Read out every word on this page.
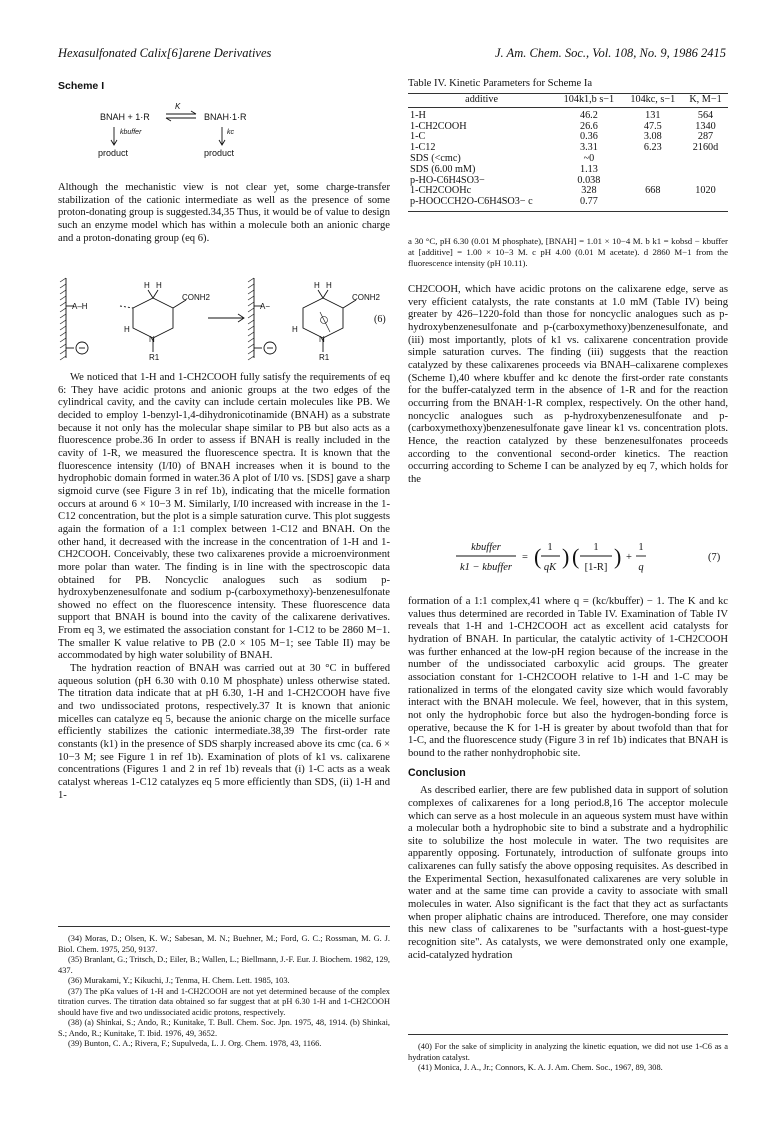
Hexasulfonated Calix[6]arene Derivatives	J. Am. Chem. Soc., Vol. 108, No. 9, 1986 2415
Scheme I
BNAH + 1·R
K
⇌ BNAH·1·R
kbuffer	kc
product	product

Although the mechanistic view is not clear yet, some charge-transfer stabilization of the cationic intermediate as well as the presence of some proton-donating group is suggested.34,35 Thus, it would be of value to design such an enzyme model which has within a molecule both an anionic charge and a proton-donating group (eq 6).

A–H
H H
CONH2
H
N
R1
A−
H H
CONH2
H
N
R1
(6)

We noticed that 1-H and 1-CH2COOH fully satisfy the requirements of eq 6: They have acidic protons and anionic groups at the two edges of the cylindrical cavity, and the cavity can include certain molecules like PB. We decided to employ 1-benzyl-1,4-dihydronicotinamide (BNAH) as a substrate because it not only has the molecular shape similar to PB but also acts as a fluorescence probe.36 In order to assess if BNAH is really included in the cavity of 1-R, we measured the fluorescence spectra. It is known that the fluorescence intensity (I/I0) of BNAH increases when it is bound to the hydrophobic domain formed in water.36 A plot of I/I0 vs. [SDS] gave a sharp sigmoid curve (see Figure 3 in ref 1b), indicating that the micelle formation occurs at around 6 × 10−3 M. Similarly, I/I0 increased with increase in the 1-C12 concentration, but the plot is a simple saturation curve. This plot suggests again the formation of a 1:1 complex between 1-C12 and BNAH. On the other hand, it decreased with the increase in the concentration of 1-H and 1-CH2COOH. Conceivably, these two calixarenes provide a microenvironment more polar than water. The finding is in line with the spectroscopic data obtained for PB. Noncyclic analogues such as sodium p-hydroxybenzenesulfonate and sodium p-(carboxymethoxy)-benzenesulfonate showed no effect on the fluorescence intensity. These fluorescence data support that BNAH is bound into the cavity of the calixarene derivatives. From eq 3, we estimated the association constant for 1-C12 to be 2860 M−1. The smaller K value relative to PB (2.0 × 105 M−1; see Table II) may be accommodated by high water solubility of BNAH.

The hydration reaction of BNAH was carried out at 30 °C in buffered aqueous solution (pH 6.30 with 0.10 M phosphate) unless otherwise stated. The titration data indicate that at pH 6.30, 1-H and 1-CH2COOH have five and two undissociated protons, respectively.37 It is known that anionic micelles can catalyze eq 5, because the anionic charge on the micelle surface efficiently stabilizes the cationic intermediate.38,39 The first-order rate constants (k1) in the presence of SDS sharply increased above its cmc (ca. 6 × 10−3 M; see Figure 1 in ref 1b). Examination of plots of k1 vs. calixarene concentrations (Figures 1 and 2 in ref 1b) reveals that (i) 1-C acts as a weak catalyst whereas 1-C12 catalyzes eq 5 more efficiently than SDS, (ii) 1-H and 1-

(34) Moras, D.; Olsen, K. W.; Sabesan, M. N.; Buehner, M.; Ford, G. C.; Rossman, M. G. J. Biol. Chem. 1975, 250, 9137.
(35) Branlant, G.; Tritsch, D.; Eiler, B.; Wallen, L.; Biellmann, J.-F. Eur. J. Biochem. 1982, 129, 437.
(36) Murakami, Y.; Kikuchi, J.; Tenma, H. Chem. Lett. 1985, 103.
(37) The pKa values of 1-H and 1-CH2COOH are not yet determined because of the complex titration curves. The titration data obtained so far suggest that at pH 6.30 1-H and 1-CH2COOH should have five and two undissociated acidic protons, respectively.
(38) (a) Shinkai, S.; Ando, R.; Kunitake, T. Bull. Chem. Soc. Jpn. 1975, 48, 1914. (b) Shinkai, S.; Ando, R.; Kunitake, T. Ibid. 1976, 49, 3652.
(39) Bunton, C. A.; Rivera, F.; Supulveda, L. J. Org. Chem. 1978, 43, 1166.
Table IV. Kinetic Parameters for Scheme Ia
additive	104k1,b s−1	104kc, s−1	K, M−1
1-H	46.2	131	564
1-CH2COOH	26.6	47.5	1340
1-C	0.36	3.08	287
1-C12	3.31	6.23	2160d
SDS (<cmc)	~0		
SDS (6.00 mM)	1.13		
p-HO-C6H4SO3−	0.038		
1-CH2COOHc	328	668	1020
p-HOOCCH2O-C6H4SO3− c	0.77		
a 30 °C, pH 6.30 (0.01 M phosphate), [BNAH] = 1.01 × 10−4 M. b k1 = kobsd − kbuffer at [additive] = 1.00 × 10−3 M. c pH 4.00 (0.01 M acetate). d 2860 M−1 from the fluorescence intensity (pH 10.11).

CH2COOH, which have acidic protons on the calixarene edge, serve as very efficient catalysts, the rate constants at 1.0 mM (Table IV) being greater by 426–1220-fold than those for noncyclic analogues such as p-hydroxybenzenesulfonate and p-(carboxymethoxy)benzenesulfonate, and (iii) most importantly, plots of k1 vs. calixarene concentration provide simple saturation curves. The finding (iii) suggests that the reaction catalyzed by these calixarenes proceeds via BNAH–calixarene complexes (Scheme I),40 where kbuffer and kc denote the first-order rate constants for the buffer-catalyzed term in the absence of 1-R and for the reaction occurring from the BNAH·1-R complex, respectively. On the other hand, noncyclic analogues such as p-hydroxybenzenesulfonate and p-(carboxymethoxy)benzenesulfonate gave linear k1 vs. concentration plots. Hence, the reaction catalyzed by these benzenesulfonates proceeds according to the conventional second-order kinetics. The reaction occurring according to Scheme I can be analyzed by eq 7, which holds for the

kbuffer
k1 − kbuffer
= ( 1
qK ) ( 1
[1-R] ) +
1
q
(7)

formation of a 1:1 complex,41 where q = (kc/kbuffer) − 1. The K and kc values thus determined are recorded in Table IV. Examination of Table IV reveals that 1-H and 1-CH2COOH act as excellent acid catalysts for hydration of BNAH. In particular, the catalytic activity of 1-CH2COOH was further enhanced at the low-pH region because of the increase in the number of the undissociated carboxylic acid groups. The greater association constant for 1-CH2COOH relative to 1-H and 1-C may be rationalized in terms of the elongated cavity size which would favorably interact with the BNAH molecule. We feel, however, that in this system, not only the hydrophobic force but also the hydrogen-bonding force is operative, because the K for 1-H is greater by about twofold than that for 1-C, and the fluorescence study (Figure 3 in ref 1b) indicates that BNAH is bound to the rather nonhydrophobic site.

Conclusion

As described earlier, there are few published data in support of solution complexes of calixarenes for a long period.8,16 The acceptor molecule which can serve as a host molecule in an aqueous system must have within a molecular both a hydrophobic site to bind a substrate and a hydrophilic site to solubilize the host molecule in water. The two requisites are apparently opposing. Fortunately, introduction of sulfonate groups into calixarenes can fully satisfy the above opposing requisites. As described in the Experimental Section, hexasulfonated calixarenes are very soluble in water and at the same time can provide a cavity to associate with small molecules in water. Also significant is the fact that they act as surfactants when proper aliphatic chains are introduced. Therefore, one may consider this new class of calixarenes to be "surfactants with a host-guest-type recognition site". As catalysts, we were demonstrated only one example, acid-catalyzed hydration

(40) For the sake of simplicity in analyzing the kinetic equation, we did not use 1-C6 as a hydration catalyst.
(41) Monica, J. A., Jr.; Connors, K. A. J. Am. Chem. Soc., 1967, 89, 308.
